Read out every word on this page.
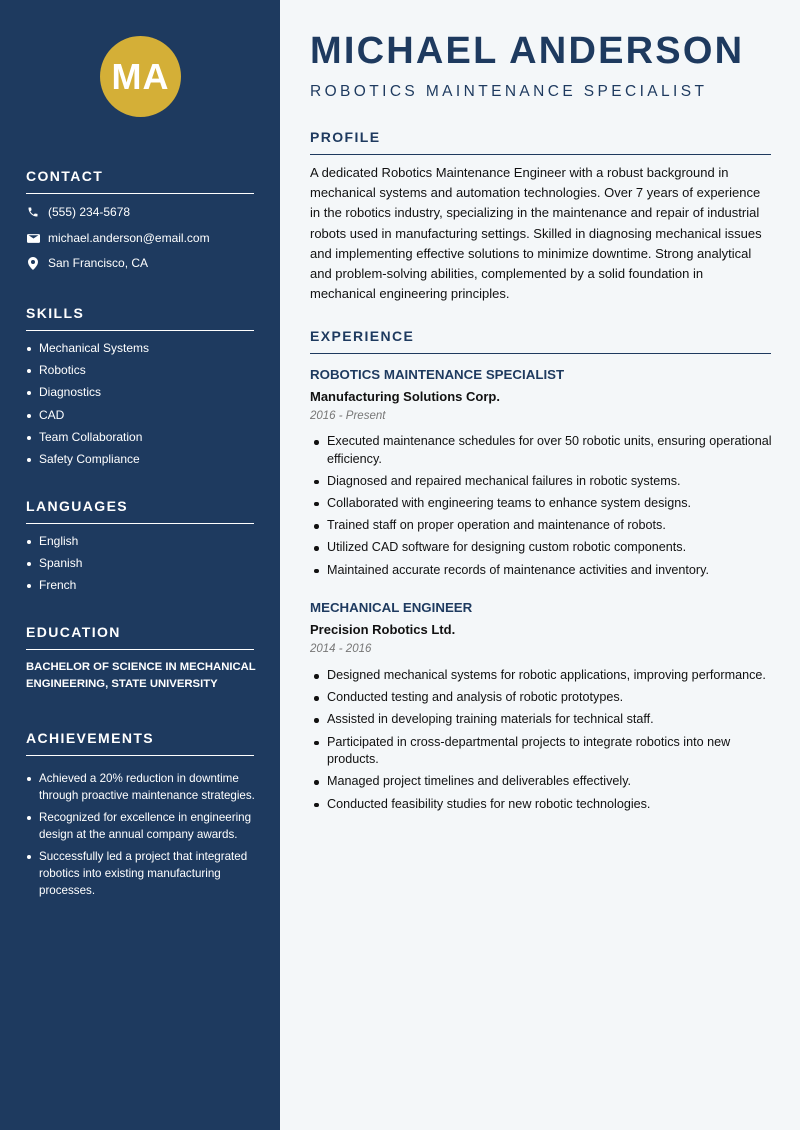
MA
CONTACT
(555) 234-5678
michael.anderson@email.com
San Francisco, CA
SKILLS
Mechanical Systems
Robotics
Diagnostics
CAD
Team Collaboration
Safety Compliance
LANGUAGES
English
Spanish
French
EDUCATION
BACHELOR OF SCIENCE IN MECHANICAL ENGINEERING, STATE UNIVERSITY
ACHIEVEMENTS
Achieved a 20% reduction in downtime through proactive maintenance strategies.
Recognized for excellence in engineering design at the annual company awards.
Successfully led a project that integrated robotics into existing manufacturing processes.
MICHAEL ANDERSON
ROBOTICS MAINTENANCE SPECIALIST
PROFILE
A dedicated Robotics Maintenance Engineer with a robust background in mechanical systems and automation technologies. Over 7 years of experience in the robotics industry, specializing in the maintenance and repair of industrial robots used in manufacturing settings. Skilled in diagnosing mechanical issues and implementing effective solutions to minimize downtime. Strong analytical and problem-solving abilities, complemented by a solid foundation in mechanical engineering principles.
EXPERIENCE
ROBOTICS MAINTENANCE SPECIALIST
Manufacturing Solutions Corp.
2016 - Present
Executed maintenance schedules for over 50 robotic units, ensuring operational efficiency.
Diagnosed and repaired mechanical failures in robotic systems.
Collaborated with engineering teams to enhance system designs.
Trained staff on proper operation and maintenance of robots.
Utilized CAD software for designing custom robotic components.
Maintained accurate records of maintenance activities and inventory.
MECHANICAL ENGINEER
Precision Robotics Ltd.
2014 - 2016
Designed mechanical systems for robotic applications, improving performance.
Conducted testing and analysis of robotic prototypes.
Assisted in developing training materials for technical staff.
Participated in cross-departmental projects to integrate robotics into new products.
Managed project timelines and deliverables effectively.
Conducted feasibility studies for new robotic technologies.
